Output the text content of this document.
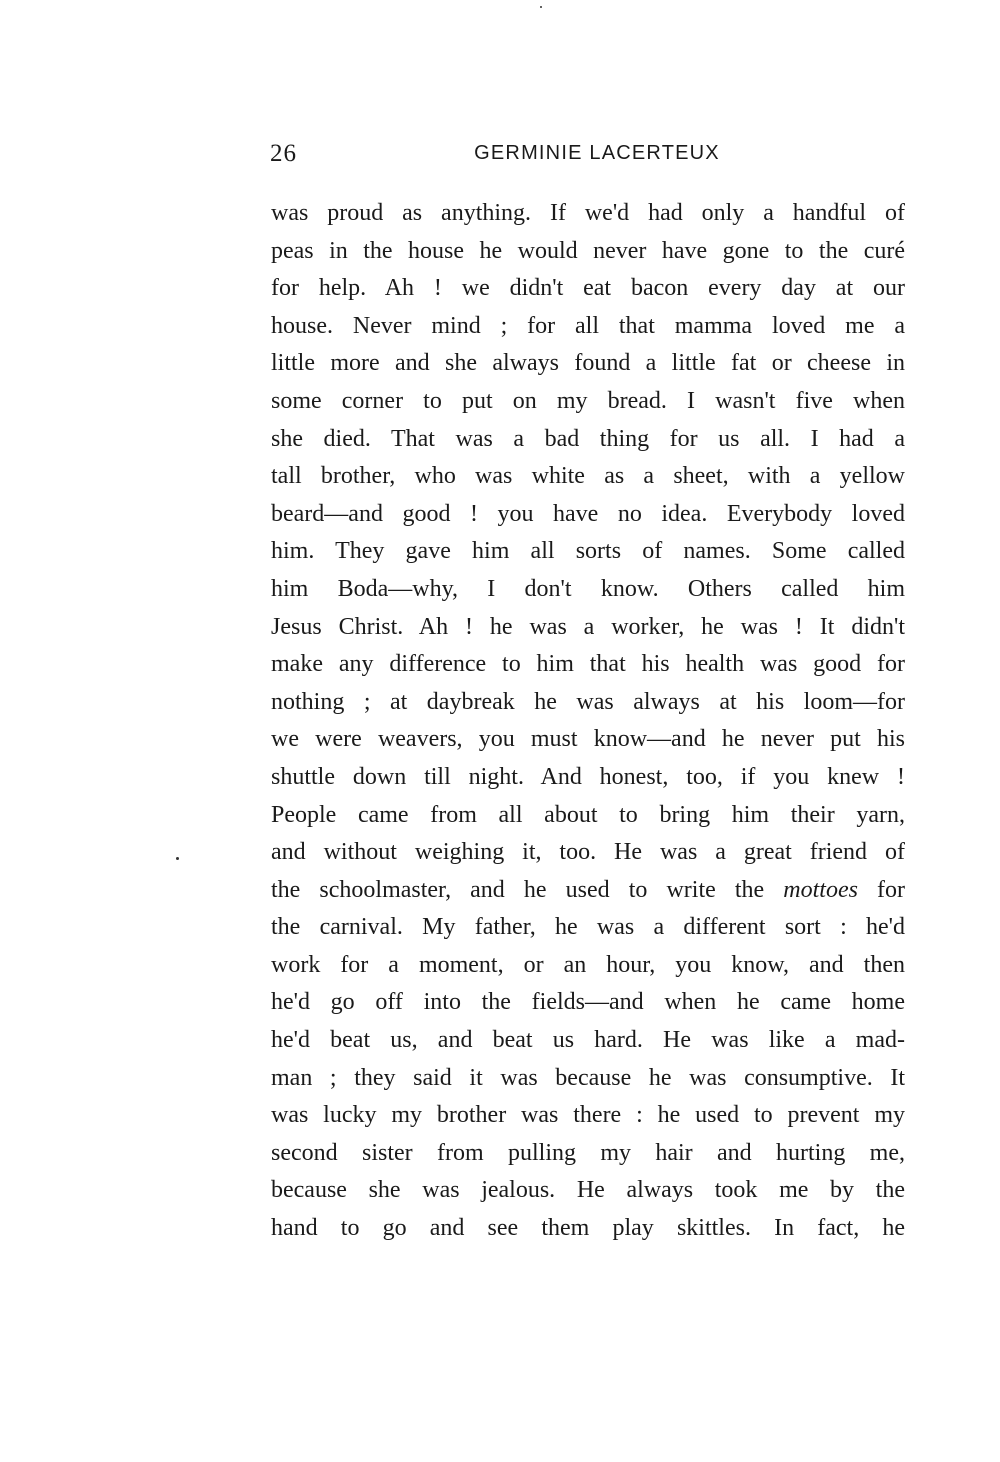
26	GERMINIE LACERTEUX
was proud as anything. If we'd had only a handful of
peas in the house he would never have gone to the curé
for help. Ah ! we didn't eat bacon every day at our
house. Never mind ; for all that mamma loved me a
little more and she always found a little fat or cheese in
some corner to put on my bread. I wasn't five when
she died. That was a bad thing for us all. I had a
tall brother, who was white as a sheet, with a yellow
beard—and good ! you have no idea. Everybody loved
him. They gave him all sorts of names. Some called
him Boda—why, I don't know. Others called him
Jesus Christ. Ah ! he was a worker, he was ! It didn't
make any difference to him that his health was good for
nothing ; at daybreak he was always at his loom—for
we were weavers, you must know—and he never put his
shuttle down till night. And honest, too, if you knew !
People came from all about to bring him their yarn,
and without weighing it, too. He was a great friend of
the schoolmaster, and he used to write the mottoes for
the carnival. My father, he was a different sort : he'd
work for a moment, or an hour, you know, and then
he'd go off into the fields—and when he came home
he'd beat us, and beat us hard. He was like a mad-
man ; they said it was because he was consumptive. It
was lucky my brother was there : he used to prevent my
second sister from pulling my hair and hurting me,
because she was jealous. He always took me by the
hand to go and see them play skittles. In fact, he
